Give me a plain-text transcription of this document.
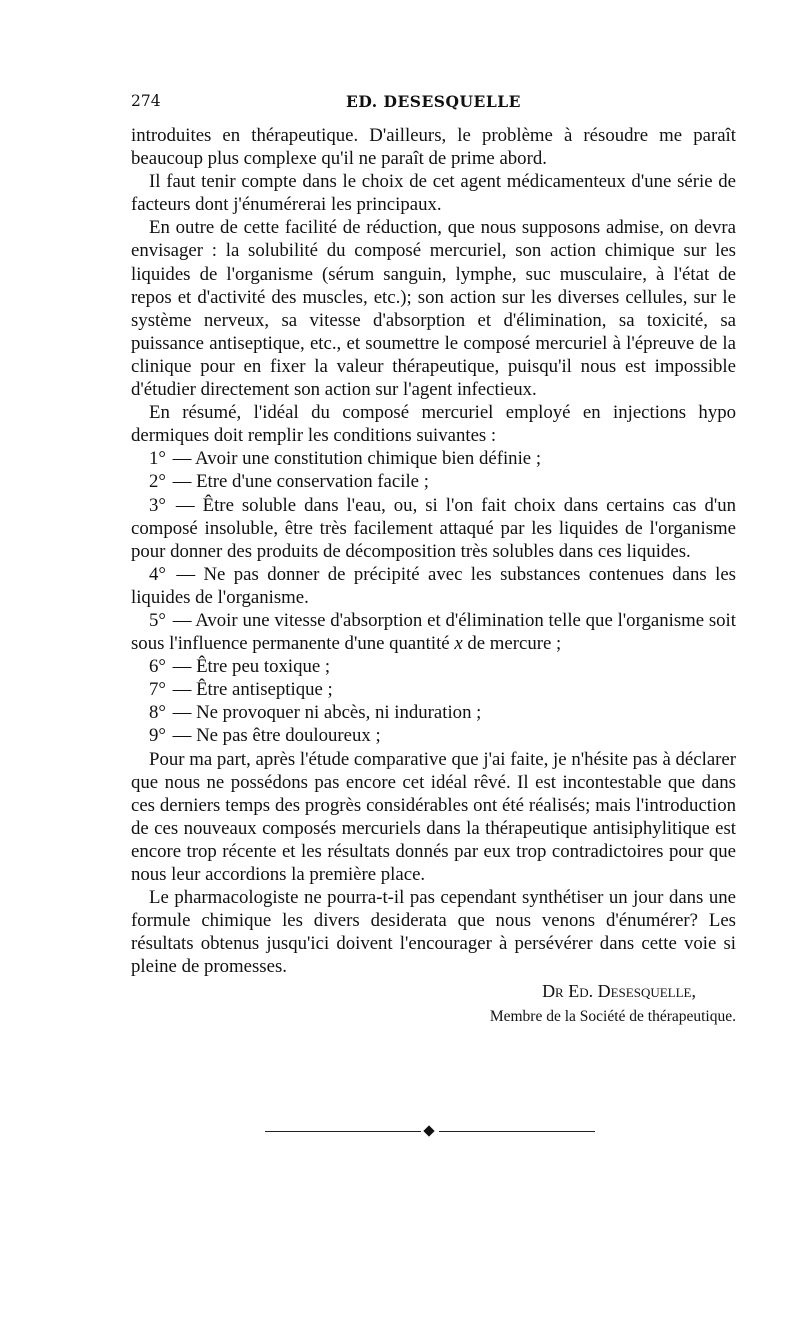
274	ED. DESESQUELLE

introduites en thérapeutique. D'ailleurs, le problème à résoudre me paraît beaucoup plus complexe qu'il ne paraît de prime abord.

Il faut tenir compte dans le choix de cet agent médicamenteux d'une série de facteurs dont j'énumérerai les principaux.

En outre de cette facilité de réduction, que nous supposons admise, on devra envisager : la solubilité du composé mercuriel, son action chimique sur les liquides de l'organisme (sérum sanguin, lymphe, suc musculaire, à l'état de repos et d'activité des muscles, etc.); son action sur les diverses cellules, sur le système nerveux, sa vitesse d'absorption et d'élimination, sa toxicité, sa puissance antiseptique, etc., et soumettre le composé mercuriel à l'épreuve de la clinique pour en fixer la valeur thérapeutique, puisqu'il nous est impossible d'étudier directement son action sur l'agent infectieux.

En résumé, l'idéal du composé mercuriel employé en injections hypo dermiques doit remplir les conditions suivantes :

1° — Avoir une constitution chimique bien définie ;

2° — Etre d'une conservation facile ;

3° — Être soluble dans l'eau, ou, si l'on fait choix dans certains cas d'un composé insoluble, être très facilement attaqué par les liquides de l'organisme pour donner des produits de décomposition très solubles dans ces liquides.

4° — Ne pas donner de précipité avec les substances contenues dans les liquides de l'organisme.

5° — Avoir une vitesse d'absorption et d'élimination telle que l'organisme soit sous l'influence permanente d'une quantité x de mercure ;

6° — Être peu toxique ;

7° — Être antiseptique ;

8° — Ne provoquer ni abcès, ni induration ;

9° — Ne pas être douloureux ;

Pour ma part, après l'étude comparative que j'ai faite, je n'hésite pas à déclarer que nous ne possédons pas encore cet idéal rêvé. Il est incontestable que dans ces derniers temps des progrès considérables ont été réalisés; mais l'introduction de ces nouveaux composés mercuriels dans la thérapeutique antisiphylitique est encore trop récente et les résultats donnés par eux trop contradictoires pour que nous leur accordions la première place.

Le pharmacologiste ne pourra-t-il pas cependant synthétiser un jour dans une formule chimique les divers desiderata que nous venons d'énumérer? Les résultats obtenus jusqu'ici doivent l'encourager à persévérer dans cette voie si pleine de promesses.

Dr Ed. Desesquelle,
Membre de la Société de thérapeutique.
